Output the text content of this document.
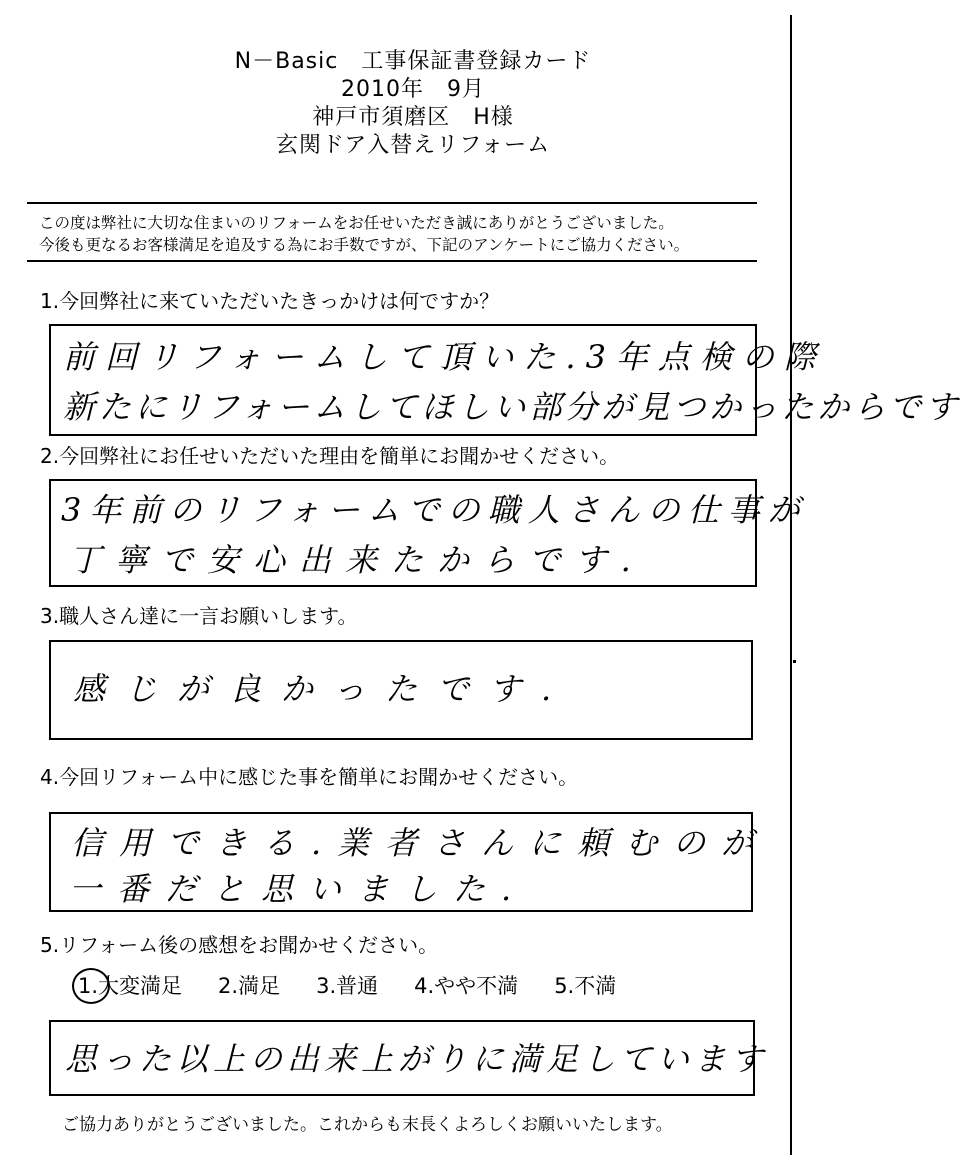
N－Basic　工事保証書登録カード
2010年　9月
神戸市須磨区　H様
玄関ドア入替えリフォーム
この度は弊社に大切な住まいのリフォームをお任せいただき誠にありがとうございました。
今後も更なるお客様満足を追及する為にお手数ですが、下記のアンケートにご協力ください。
1.今回弊社に来ていただいたきっかけは何ですか？
前回リフォームして頂いた.3年点検の際
新たにリフォームしてほしい部分が見つかったからです
2.今回弊社にお任せいただいた理由を簡単にお聞かせください。
3年前のリフォームでの職人さんの仕事が
丁寧で安心出来たからです.
3.職人さん達に一言お願いします。
感じが良かったです.
4.今回リフォーム中に感じた事を簡単にお聞かせください。
信用できる.業者さんに頼むのが
一番だと思いました.
5.リフォーム後の感想をお聞かせください。
1.大変満足 2.満足 3.普通 4.やや不満 5.不満
思った以上の出来上がりに満足しています
ご協力ありがとうございました。これからも末長くよろしくお願いいたします。
